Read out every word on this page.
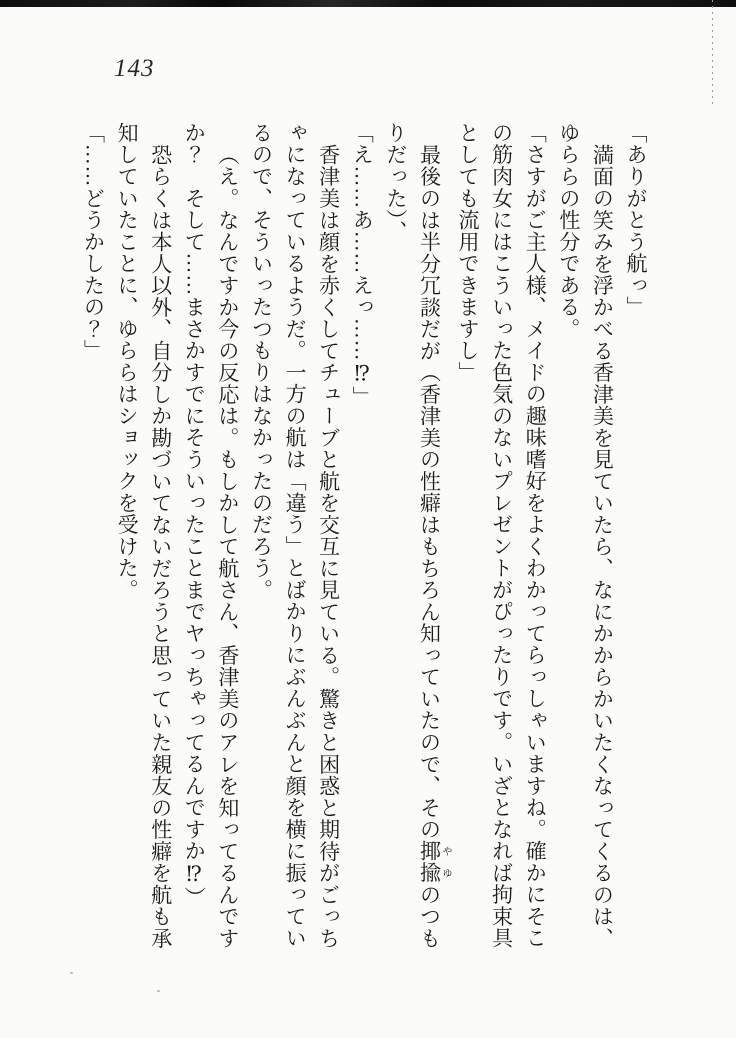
143

「ありがとう航っ」

満面の笑みを浮かべる香津美を見ていたら、なにかからかいたくなってくるのは、ゆららの性分である。

「さすがご主人様、メイドの趣味嗜好をよくわかってらっしゃいますね。確かにそこの筋肉女にはこういった色気のないプレゼントがぴったりです。いざとなれば拘束具としても流用できますし」

最後のは半分冗談だが（香津美の性癖はもちろん知っていたので、その揶揄やゆのつもりだった）、

「え……あ……えっ……⁉」

香津美は顔を赤くしてチューブと航を交互に見ている。驚きと困惑と期待がごっちゃになっているようだ。一方の航は「違う」とばかりにぶんぶんと顔を横に振っているので、そういったつもりはなかったのだろう。

（え。なんですか今の反応は。もしかして航さん、香津美のアレを知ってるんですか？　そして……まさかすでにそういったことまでヤっちゃってるんですか⁉）

恐らくは本人以外、自分しか勘づいてないだろうと思っていた親友の性癖を航も承知していたことに、ゆららはショックを受けた。

「……どうかしたの？」
